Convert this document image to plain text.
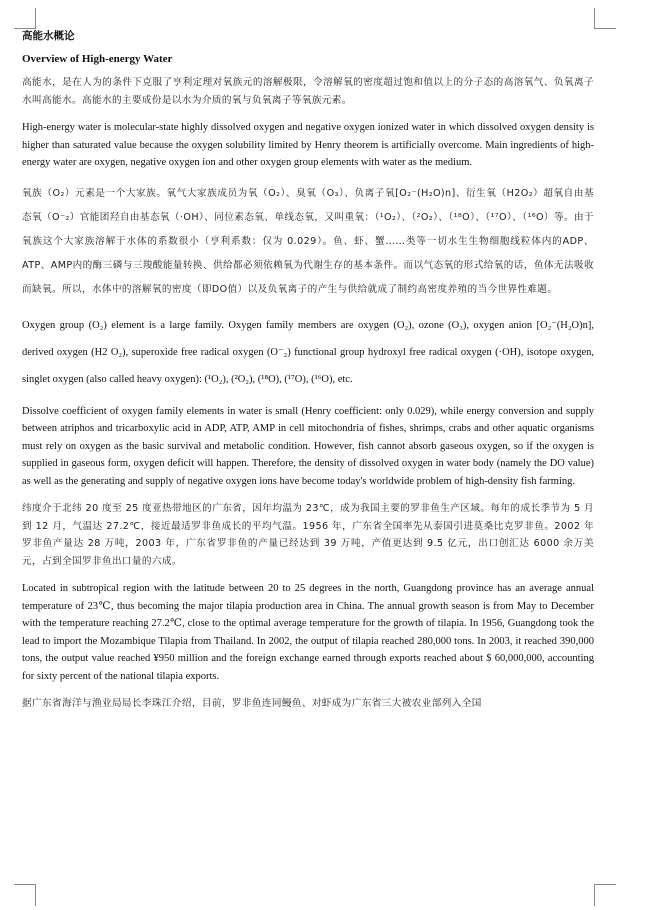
高能水概论
Overview of High-energy Water

高能水，是在人为的条件下克服了亨利定理对氧族元的溶解极限，令溶解氧的密度超过饱和值以上的分子态的高溶氧气、负氧离子水叫高能水。高能水的主要成份是以水为介质的氧与负氧离子等氧族元素。

High-energy water is molecular-state highly dissolved oxygen and negative oxygen ionized water in which dissolved oxygen density is higher than saturated value because the oxygen solubility limited by Henry theorem is artificially overcome. Main ingredients of high-energy water are oxygen, negative oxygen ion and other oxygen group elements with water as the medium.

氧族（O₂）元素是一个大家族。氧气大家族成员为氧（O₂）、臭氧（O₃）、负离子氧[O₂⁻(H₂O)n]、衍生氧（H2O₂）超氧自由基态氧（O⁻₂）官能团羟自由基态氧（·OH）、同位素态氧、单线态氧，又叫重氧：（¹O₂）、（²O₂）、（¹⁸O）、（¹⁷O）、（¹⁶O）等。由于氧族这个大家族溶解于水体的系数很小（亨利系数：仅为 0.029）。鱼、虾、蟹……类等一切水生生物细胞线粒体内的ADP、ATP、AMP内的酶三磷与三羧酸能量转换、供给都必须依赖氧为代谢生存的基本条件。而以气态氧的形式给氧的话，鱼体无法吸收而缺氧。所以，水体中的溶解氧的密度（即DO值）以及负氧离子的产生与供给就成了制约高密度养殖的当今世界性难题。

Oxygen group (O₂) element is a large family. Oxygen family members are oxygen (O₂), ozone (O₃), oxygen anion [O₂⁻(H₂O)n], derived oxygen (H2 O₂), superoxide free radical oxygen (O⁻₂) functional group hydroxyl free radical oxygen (·OH), isotope oxygen, singlet oxygen (also called heavy oxygen): (¹O₂), (²O₂), (¹⁸O), (¹⁷O), (¹⁶O), etc.

Dissolve coefficient of oxygen family elements in water is small (Henry coefficient: only 0.029), while energy conversion and supply between atriphos and tricarboxylic acid in ADP, ATP, AMP in cell mitochondria of fishes, shrimps, crabs and other aquatic organisms must rely on oxygen as the basic survival and metabolic condition. However, fish cannot absorb gaseous oxygen, so if the oxygen is supplied in gaseous form, oxygen deficit will happen. Therefore, the density of dissolved oxygen in water body (namely the DO value) as well as the generating and supply of negative oxygen ions have become today's worldwide problem of high-density fish farming.

纬度介于北纬 20 度至 25 度亚热带地区的广东省，因年均温为 23℃，成为我国主要的罗非鱼生产区域。每年的成长季节为 5 月到 12 月，气温达 27.2℃，接近最适罗非鱼成长的平均气温。1956 年，广东省全国率先从泰国引进莫桑比克罗非鱼。2002 年罗非鱼产量达 28 万吨，2003 年，广东省罗非鱼的产量已经达到 39 万吨，产值更达到 9.5 亿元，出口创汇达 6000 余万美元，占到全国罗非鱼出口量的六成。

Located in subtropical region with the latitude between 20 to 25 degrees in the north, Guangdong province has an average annual temperature of 23℃, thus becoming the major tilapia production area in China. The annual growth season is from May to December with the temperature reaching 27.2℃, close to the optimal average temperature for the growth of tilapia. In 1956, Guangdong took the lead to import the Mozambique Tilapia from Thailand. In 2002, the output of tilapia reached 280,000 tons. In 2003, it reached 390,000 tons, the output value reached ¥950 million and the foreign exchange earned through exports reached about $ 60,000,000, accounting for sixty percent of the national tilapia exports.

据广东省海洋与渔业局局长李珠江介绍，目前，罗非鱼连同鳗鱼、对虾成为广东省三大被农业部列入全国
